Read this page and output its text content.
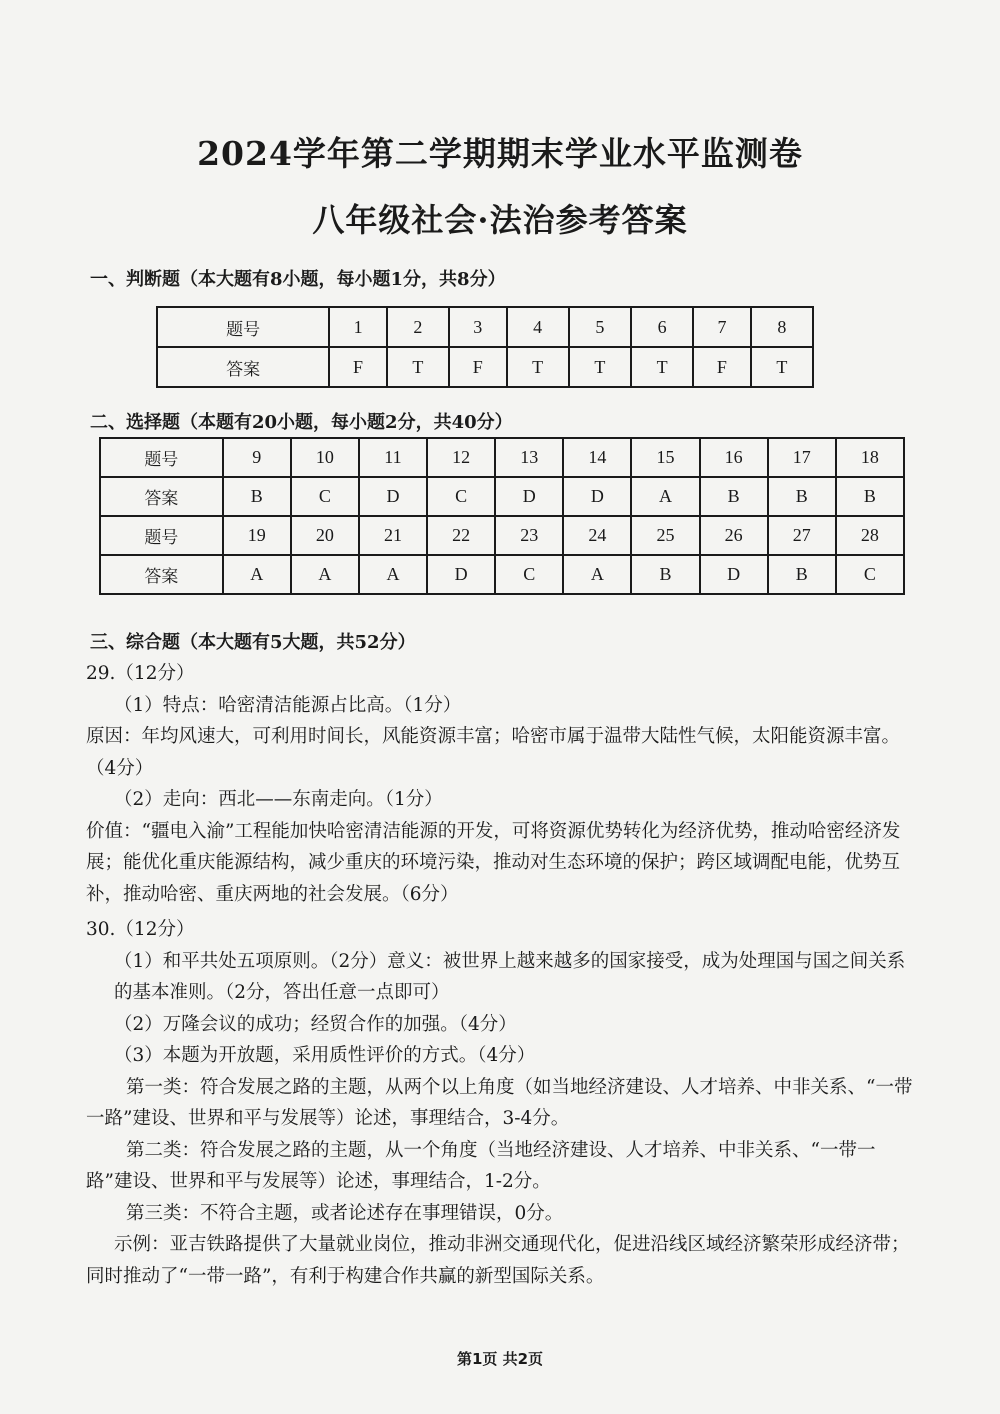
2024学年第二学期期末学业水平监测卷
八年级社会·法治参考答案
一、判断题（本大题有8小题，每小题1分，共8分）
题号	1	2	3	4	5	6	7	8
答案	F	T	F	T	T	T	F	T
二、选择题（本题有20小题，每小题2分，共40分）
题号	9	10	11	12	13	14	15	16	17	18
答案	B	C	D	C	D	D	A	B	B	B
题号	19	20	21	22	23	24	25	26	27	28
答案	A	A	A	D	C	A	B	D	B	C
三、综合题（本大题有5大题，共52分）

29.（12分）

（1）特点：哈密清洁能源占比高。（1分）

原因：年均风速大，可利用时间长，风能资源丰富；哈密市属于温带大陆性气候，太阳能资源丰富。（4分）

（2）走向：西北——东南走向。（1分）

价值：“疆电入渝”工程能加快哈密清洁能源的开发，可将资源优势转化为经济优势，推动哈密经济发展；能优化重庆能源结构，减少重庆的环境污染，推动对生态环境的保护；跨区域调配电能，优势互补，推动哈密、重庆两地的社会发展。（6分）

30.（12分）

（1）和平共处五项原则。（2分）意义：被世界上越来越多的国家接受，成为处理国与国之间关系的基本准则。（2分，答出任意一点即可）

（2）万隆会议的成功；经贸合作的加强。（4分）

（3）本题为开放题，采用质性评价的方式。（4分）

第一类：符合发展之路的主题，从两个以上角度（如当地经济建设、人才培养、中非关系、“一带一路”建设、世界和平与发展等）论述，事理结合，3-4分。

第二类：符合发展之路的主题，从一个角度（当地经济建设、人才培养、中非关系、“一带一路”建设、世界和平与发展等）论述，事理结合，1-2分。

第三类：不符合主题，或者论述存在事理错误，0分。

示例：亚吉铁路提供了大量就业岗位，推动非洲交通现代化，促进沿线区域经济繁荣形成经济带；同时推动了“一带一路”，有利于构建合作共赢的新型国际关系。

第1页 共2页
